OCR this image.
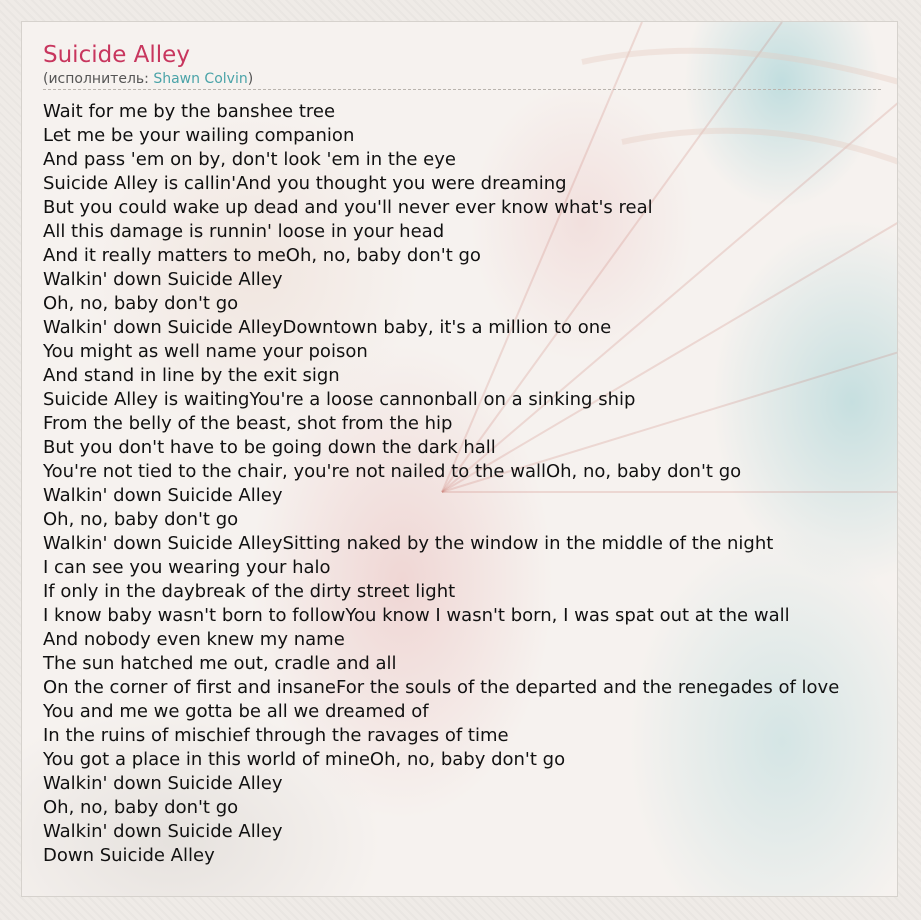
Suicide Alley
(исполнитель: Shawn Colvin)
Wait for me by the banshee tree
Let me be your wailing companion
And pass 'em on by, don't look 'em in the eye
Suicide Alley is callin'And you thought you were dreaming
But you could wake up dead and you'll never ever know what's real
All this damage is runnin' loose in your head
And it really matters to meOh, no, baby don't go
Walkin' down Suicide Alley
Oh, no, baby don't go
Walkin' down Suicide AlleyDowntown baby, it's a million to one
You might as well name your poison
And stand in line by the exit sign
Suicide Alley is waitingYou're a loose cannonball on a sinking ship
From the belly of the beast, shot from the hip
But you don't have to be going down the dark hall
You're not tied to the chair, you're not nailed to the wallOh, no, baby don't go
Walkin' down Suicide Alley
Oh, no, baby don't go
Walkin' down Suicide AlleySitting naked by the window in the middle of the night
I can see you wearing your halo
If only in the daybreak of the dirty street light
I know baby wasn't born to followYou know I wasn't born, I was spat out at the wall
And nobody even knew my name
The sun hatched me out, cradle and all
On the corner of first and insaneFor the souls of the departed and the renegades of love
You and me we gotta be all we dreamed of
In the ruins of mischief through the ravages of time
You got a place in this world of mineOh, no, baby don't go
Walkin' down Suicide Alley
Oh, no, baby don't go
Walkin' down Suicide Alley
Down Suicide Alley
